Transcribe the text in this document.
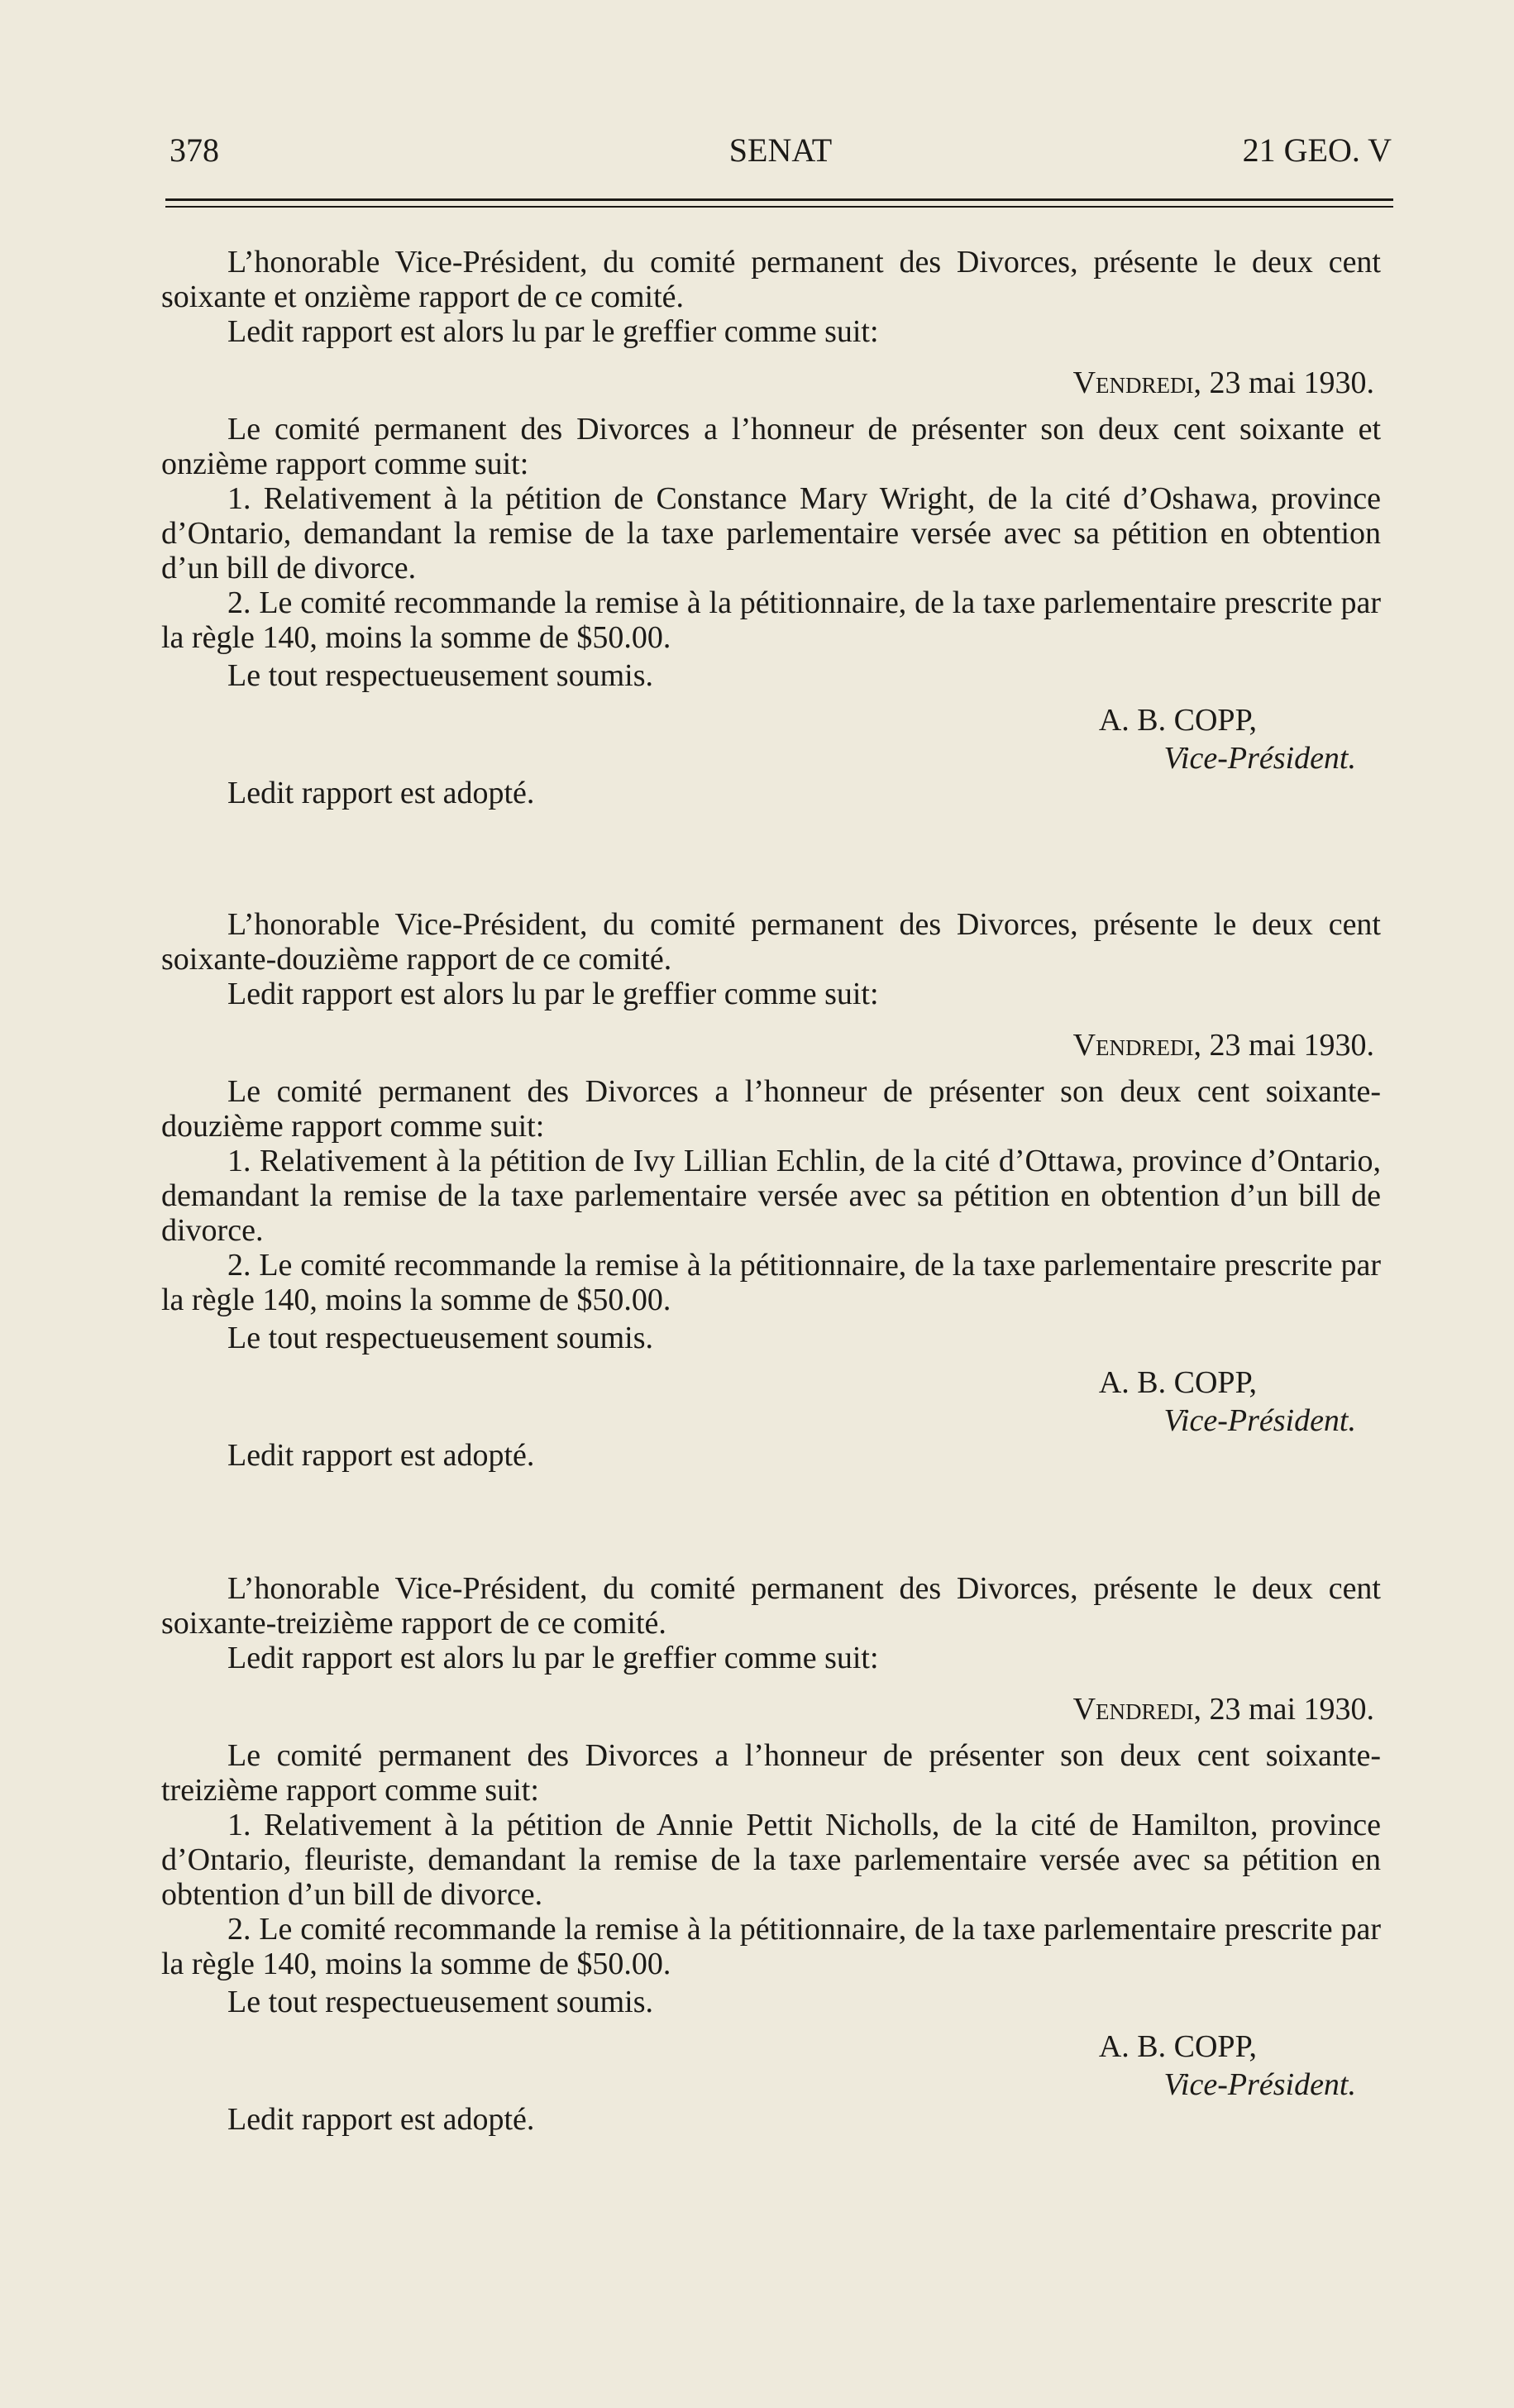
378	SENAT	21 GEO. V

L’honorable Vice-Président, du comité permanent des Divorces, présente le deux cent soixante et onzième rapport de ce comité.

Ledit rapport est alors lu par le greffier comme suit:

Vendredi, 23 mai 1930.

Le comité permanent des Divorces a l’honneur de présenter son deux cent soixante et onzième rapport comme suit:

1. Relativement à la pétition de Constance Mary Wright, de la cité d’Oshawa, province d’Ontario, demandant la remise de la taxe parlementaire versée avec sa pétition en obtention d’un bill de divorce.

2. Le comité recommande la remise à la pétitionnaire, de la taxe parlementaire prescrite par la règle 140, moins la somme de $50.00.

Le tout respectueusement soumis.

A. B. COPP,

Vice-Président.

Ledit rapport est adopté.

L’honorable Vice-Président, du comité permanent des Divorces, présente le deux cent soixante-douzième rapport de ce comité.

Ledit rapport est alors lu par le greffier comme suit:

Vendredi, 23 mai 1930.

Le comité permanent des Divorces a l’honneur de présenter son deux cent soixante-douzième rapport comme suit:

1. Relativement à la pétition de Ivy Lillian Echlin, de la cité d’Ottawa, province d’Ontario, demandant la remise de la taxe parlementaire versée avec sa pétition en obtention d’un bill de divorce.

2. Le comité recommande la remise à la pétitionnaire, de la taxe parlementaire prescrite par la règle 140, moins la somme de $50.00.

Le tout respectueusement soumis.

A. B. COPP,

Vice-Président.

Ledit rapport est adopté.

L’honorable Vice-Président, du comité permanent des Divorces, présente le deux cent soixante-treizième rapport de ce comité.

Ledit rapport est alors lu par le greffier comme suit:

Vendredi, 23 mai 1930.

Le comité permanent des Divorces a l’honneur de présenter son deux cent soixante-treizième rapport comme suit:

1. Relativement à la pétition de Annie Pettit Nicholls, de la cité de Hamilton, province d’Ontario, fleuriste, demandant la remise de la taxe parlementaire versée avec sa pétition en obtention d’un bill de divorce.

2. Le comité recommande la remise à la pétitionnaire, de la taxe parlementaire prescrite par la règle 140, moins la somme de $50.00.

Le tout respectueusement soumis.

A. B. COPP,

Vice-Président.

Ledit rapport est adopté.
